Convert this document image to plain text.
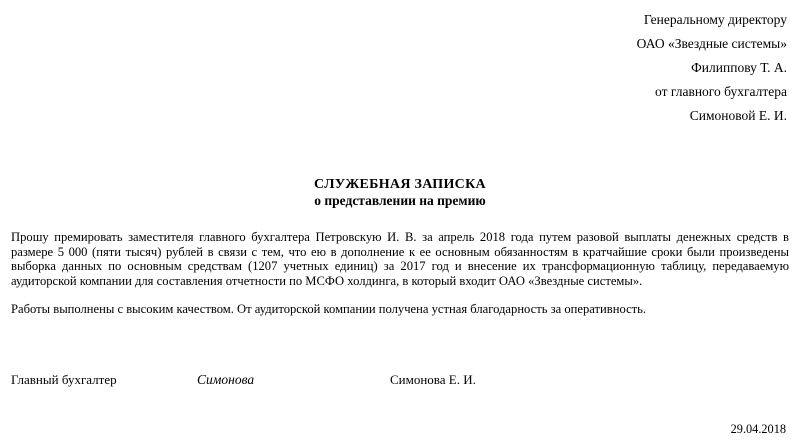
Генеральному директору
ОАО «Звездные системы»
Филиппову Т. А.
от главного бухгалтера
Симоновой Е. И.
СЛУЖЕБНАЯ ЗАПИСКА
о представлении на премию

Прошу премировать заместителя главного бухгалтера Петровскую И. В. за апрель 2018 года путем разовой выплаты денежных средств в размере 5 000 (пяти тысяч) рублей в связи с тем, что ею в дополнение к ее основным обязанностям в кратчайшие сроки были произведены выборка данных по основным средствам (1207 учетных единиц) за 2017 год и внесение их трансформационную таблицу, передаваемую аудиторской компании для составления отчетности по МСФО холдинга, в который входит ОАО «Звездные системы».

Работы выполнены с высоким качеством. От аудиторской компании получена устная благодарность за оперативность.

Главный бухгалтер	Симонова	Симонова Е. И.
29.04.2018
